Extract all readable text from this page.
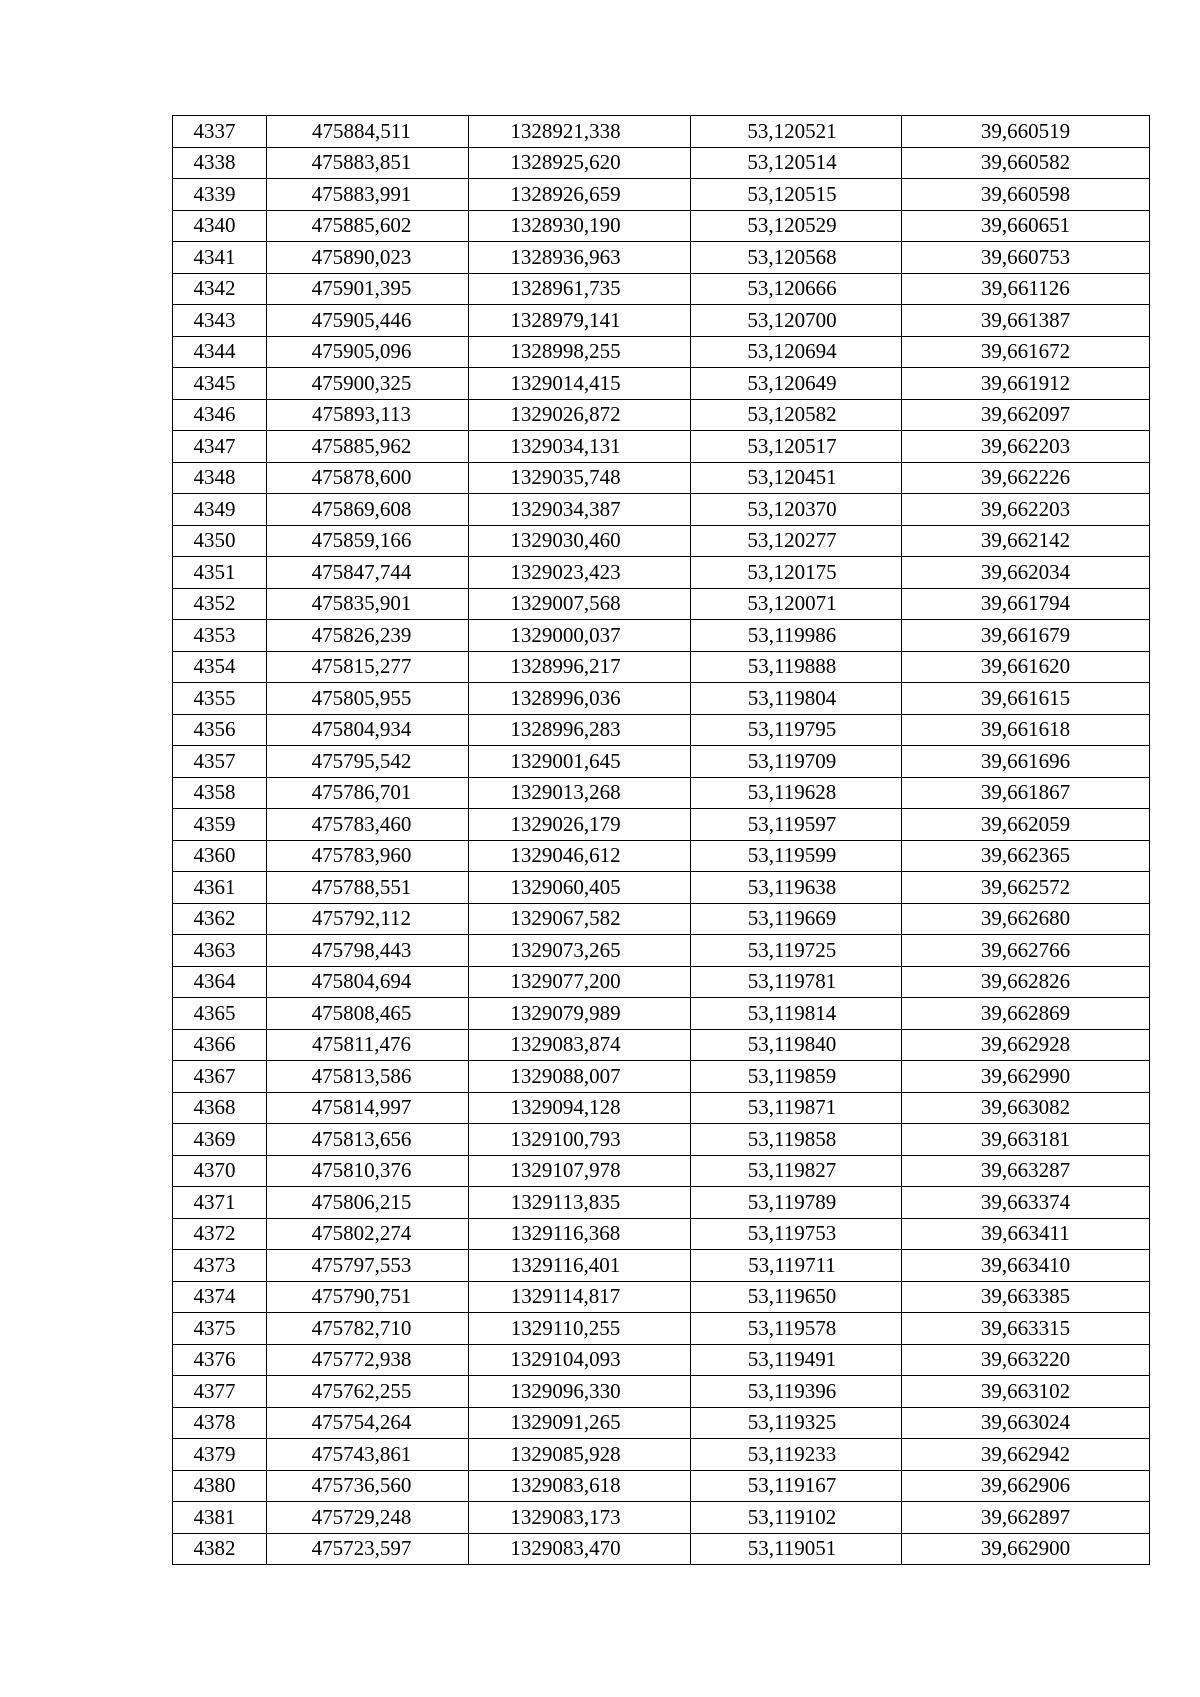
4337	475884,511	1328921,338	53,120521	39,660519
4338	475883,851	1328925,620	53,120514	39,660582
4339	475883,991	1328926,659	53,120515	39,660598
4340	475885,602	1328930,190	53,120529	39,660651
4341	475890,023	1328936,963	53,120568	39,660753
4342	475901,395	1328961,735	53,120666	39,661126
4343	475905,446	1328979,141	53,120700	39,661387
4344	475905,096	1328998,255	53,120694	39,661672
4345	475900,325	1329014,415	53,120649	39,661912
4346	475893,113	1329026,872	53,120582	39,662097
4347	475885,962	1329034,131	53,120517	39,662203
4348	475878,600	1329035,748	53,120451	39,662226
4349	475869,608	1329034,387	53,120370	39,662203
4350	475859,166	1329030,460	53,120277	39,662142
4351	475847,744	1329023,423	53,120175	39,662034
4352	475835,901	1329007,568	53,120071	39,661794
4353	475826,239	1329000,037	53,119986	39,661679
4354	475815,277	1328996,217	53,119888	39,661620
4355	475805,955	1328996,036	53,119804	39,661615
4356	475804,934	1328996,283	53,119795	39,661618
4357	475795,542	1329001,645	53,119709	39,661696
4358	475786,701	1329013,268	53,119628	39,661867
4359	475783,460	1329026,179	53,119597	39,662059
4360	475783,960	1329046,612	53,119599	39,662365
4361	475788,551	1329060,405	53,119638	39,662572
4362	475792,112	1329067,582	53,119669	39,662680
4363	475798,443	1329073,265	53,119725	39,662766
4364	475804,694	1329077,200	53,119781	39,662826
4365	475808,465	1329079,989	53,119814	39,662869
4366	475811,476	1329083,874	53,119840	39,662928
4367	475813,586	1329088,007	53,119859	39,662990
4368	475814,997	1329094,128	53,119871	39,663082
4369	475813,656	1329100,793	53,119858	39,663181
4370	475810,376	1329107,978	53,119827	39,663287
4371	475806,215	1329113,835	53,119789	39,663374
4372	475802,274	1329116,368	53,119753	39,663411
4373	475797,553	1329116,401	53,119711	39,663410
4374	475790,751	1329114,817	53,119650	39,663385
4375	475782,710	1329110,255	53,119578	39,663315
4376	475772,938	1329104,093	53,119491	39,663220
4377	475762,255	1329096,330	53,119396	39,663102
4378	475754,264	1329091,265	53,119325	39,663024
4379	475743,861	1329085,928	53,119233	39,662942
4380	475736,560	1329083,618	53,119167	39,662906
4381	475729,248	1329083,173	53,119102	39,662897
4382	475723,597	1329083,470	53,119051	39,662900
